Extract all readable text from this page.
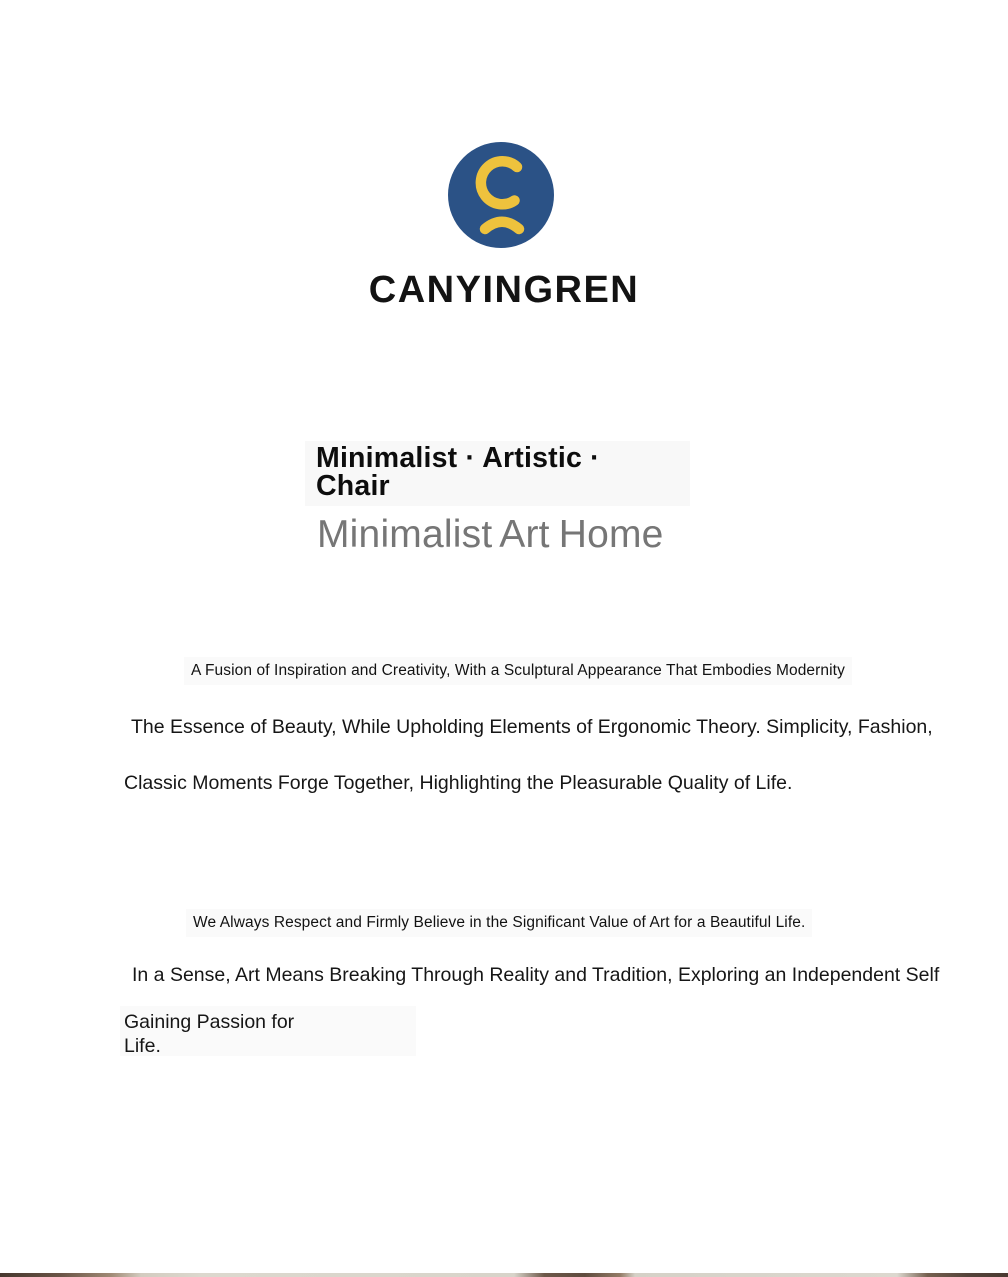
CANYINGREN
Minimalist · Artistic ·
Chair
Minimalist Art Home
A Fusion of Inspiration and Creativity, With a Sculptural Appearance That Embodies Modernity
The Essence of Beauty, While Upholding Elements of Ergonomic Theory. Simplicity, Fashion,
Classic Moments Forge Together, Highlighting the Pleasurable Quality of Life.
We Always Respect and Firmly Believe in the Significant Value of Art for a Beautiful Life.
In a Sense, Art Means Breaking Through Reality and Tradition, Exploring an Independent Self
Gaining Passion for Life.
